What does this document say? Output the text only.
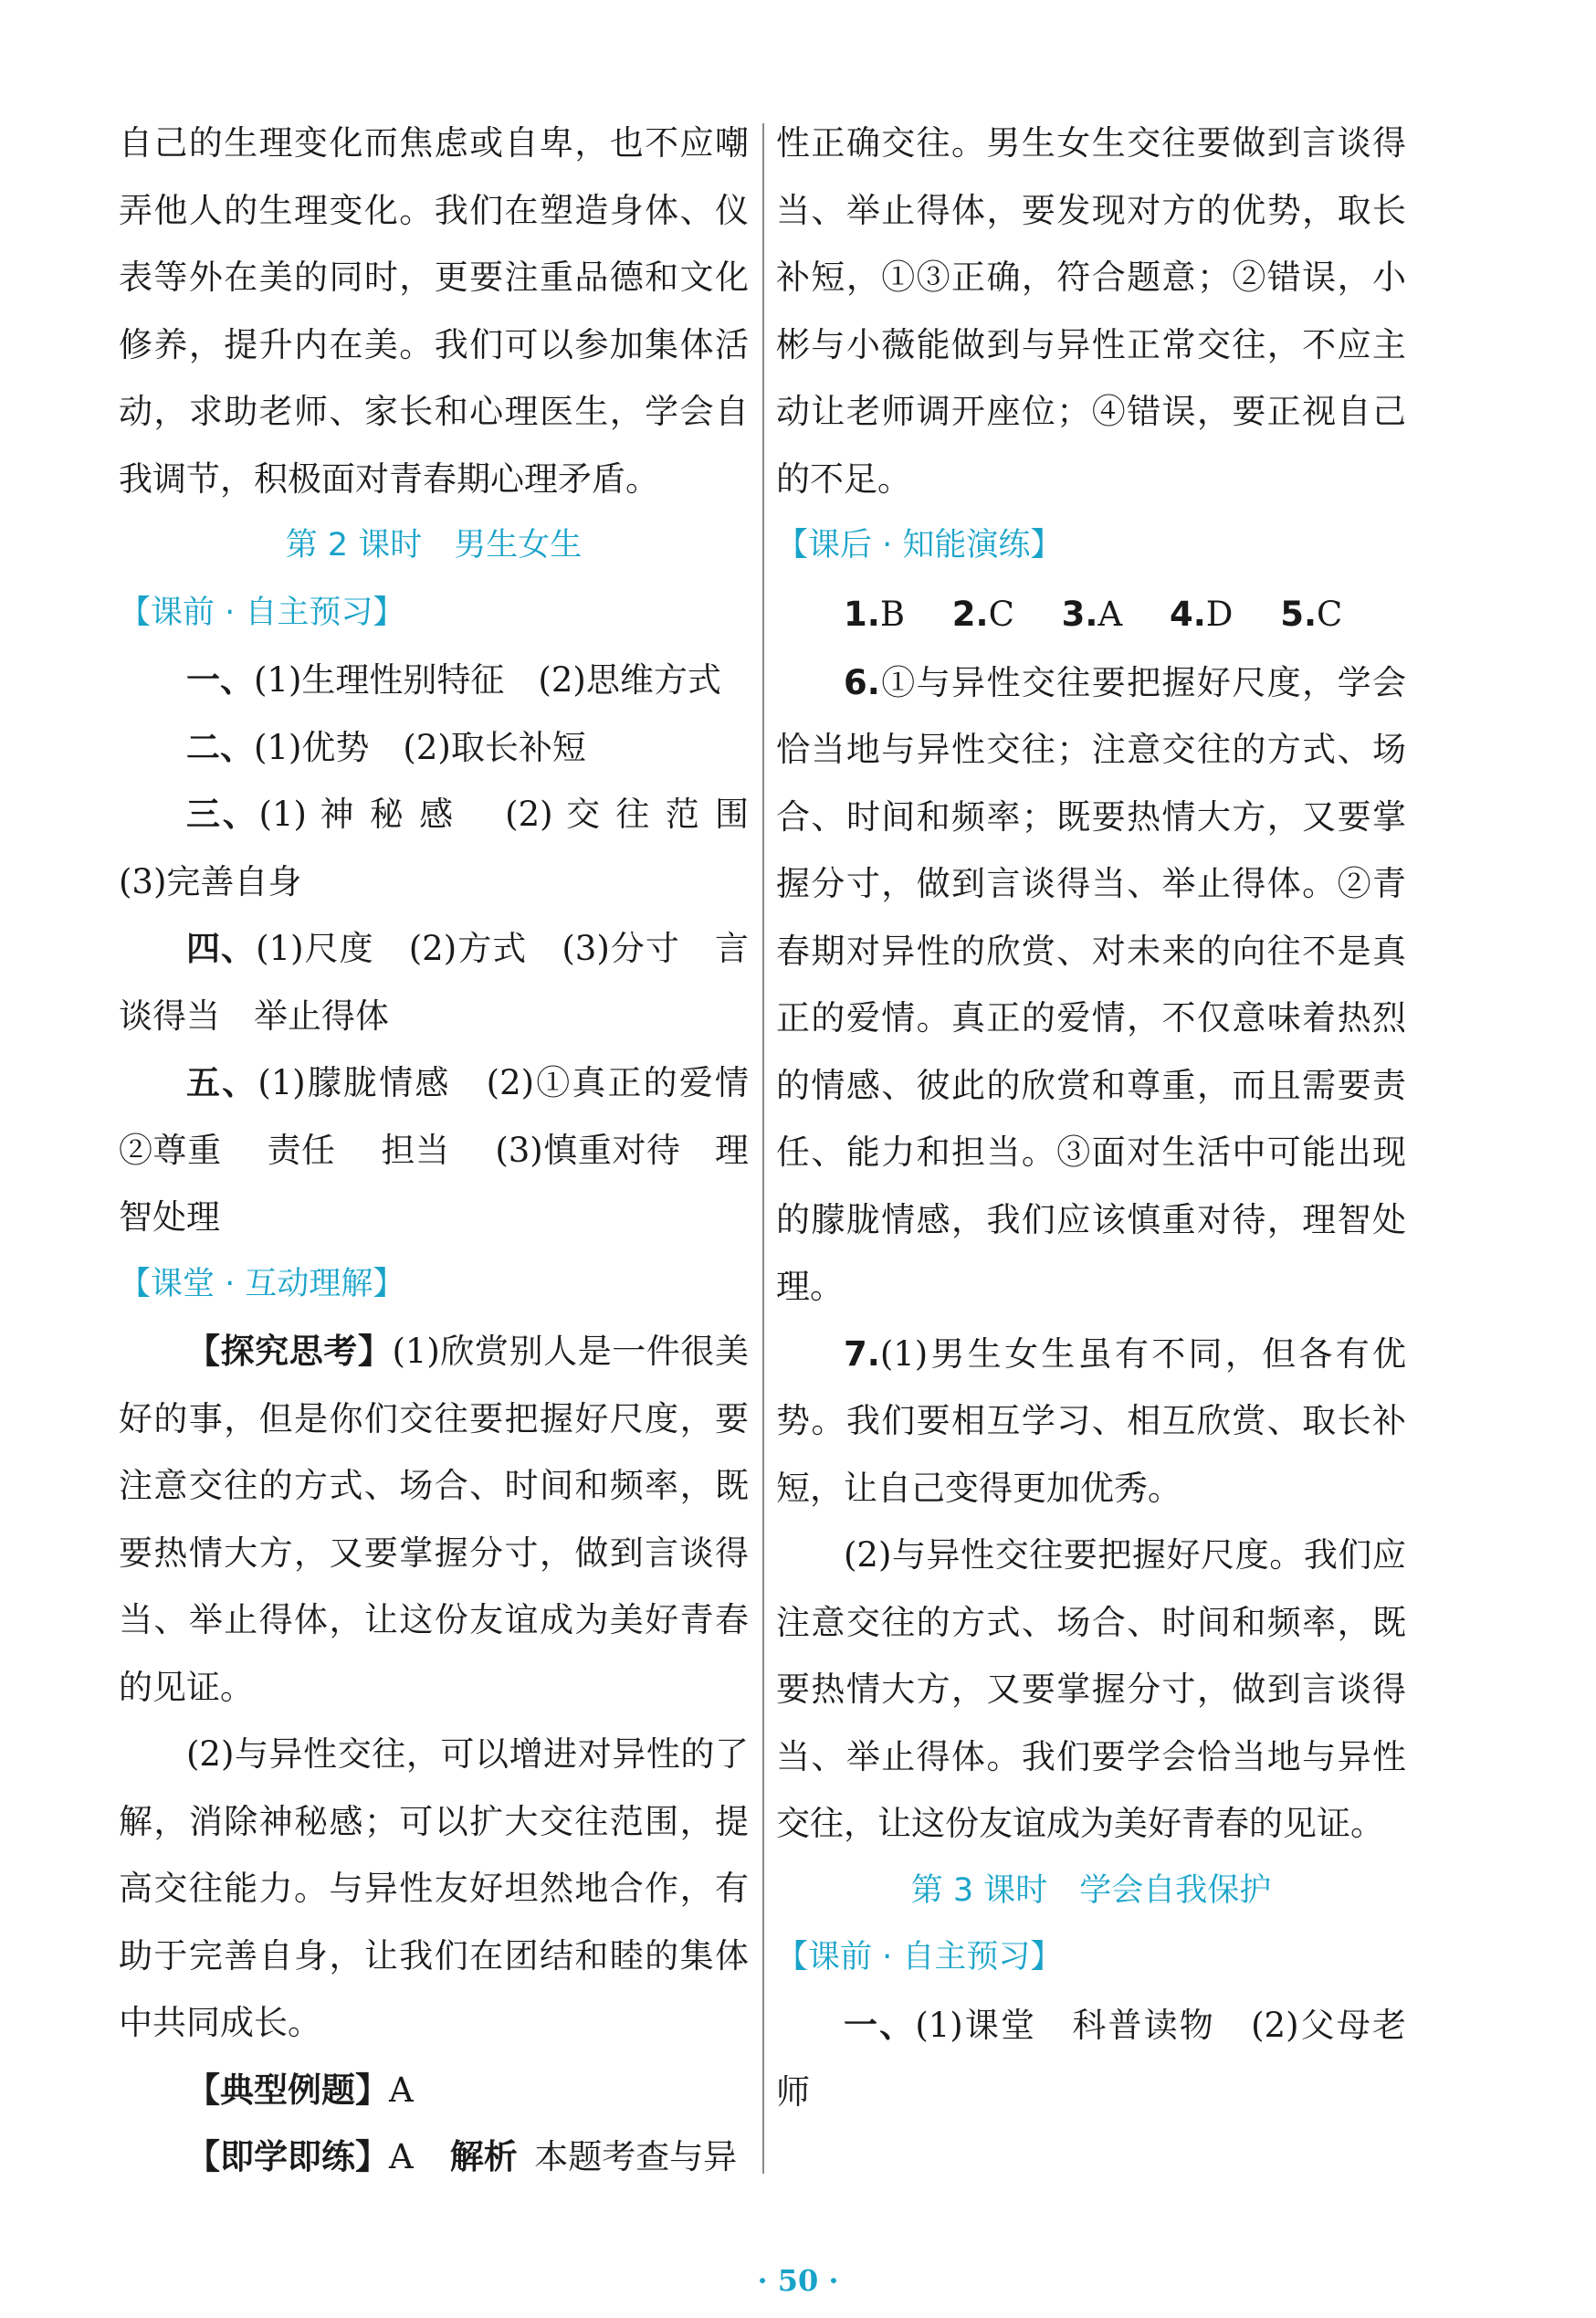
自己的生理变化而焦虑或自卑，也不应嘲弄他人的生理变化。我们在塑造身体、仪表等外在美的同时，更要注重品德和文化修养，提升内在美。我们可以参加集体活动，求助老师、家长和心理医生，学会自我调节，积极面对青春期心理矛盾。

第 2 课时　男生女生

【课前 · 自主预习】

一、(1)生理性别特征　(2)思维方式

二、(1)优势　(2)取长补短

三、(1) 神 秘 感　 (2) 交 往 范 围 (3)完善自身

四、(1)尺度　(2)方式　(3)分寸　言谈得当　举止得体

五、(1)朦胧情感　(2)①真正的爱情　②尊重　 责任　 担当　 (3)慎重对待　理智处理

【课堂 · 互动理解】

【探究思考】(1)欣赏别人是一件很美好的事，但是你们交往要把握好尺度，要注意交往的方式、场合、时间和频率，既要热情大方，又要掌握分寸，做到言谈得当、举止得体，让这份友谊成为美好青春的见证。

(2)与异性交往，可以增进对异性的了解，消除神秘感；可以扩大交往范围，提高交往能力。与异性友好坦然地合作，有助于完善自身，让我们在团结和睦的集体中共同成长。

【典型例题】A

【即学即练】A 解析  本题考查与异

性正确交往。男生女生交往要做到言谈得当、举止得体，要发现对方的优势，取长补短，①③正确，符合题意；②错误，小彬与小薇能做到与异性正常交往，不应主动让老师调开座位；④错误，要正视自己的不足。

【课后 · 知能演练】

1.B 2.C 3.A 4.D 5.C

6.①与异性交往要把握好尺度，学会恰当地与异性交往；注意交往的方式、场合、时间和频率；既要热情大方，又要掌握分寸，做到言谈得当、举止得体。②青春期对异性的欣赏、对未来的向往不是真正的爱情。真正的爱情，不仅意味着热烈的情感、彼此的欣赏和尊重，而且需要责任、能力和担当。③面对生活中可能出现的朦胧情感，我们应该慎重对待，理智处理。

7.(1)男生女生虽有不同，但各有优势。我们要相互学习、相互欣赏、取长补短，让自己变得更加优秀。

(2)与异性交往要把握好尺度。我们应注意交往的方式、场合、时间和频率，既要热情大方，又要掌握分寸，做到言谈得当、举止得体。我们要学会恰当地与异性交往，让这份友谊成为美好青春的见证。

第 3 课时　学会自我保护

【课前 · 自主预习】

一、(1)课堂　科普读物　(2)父母老师

· 50 ·
